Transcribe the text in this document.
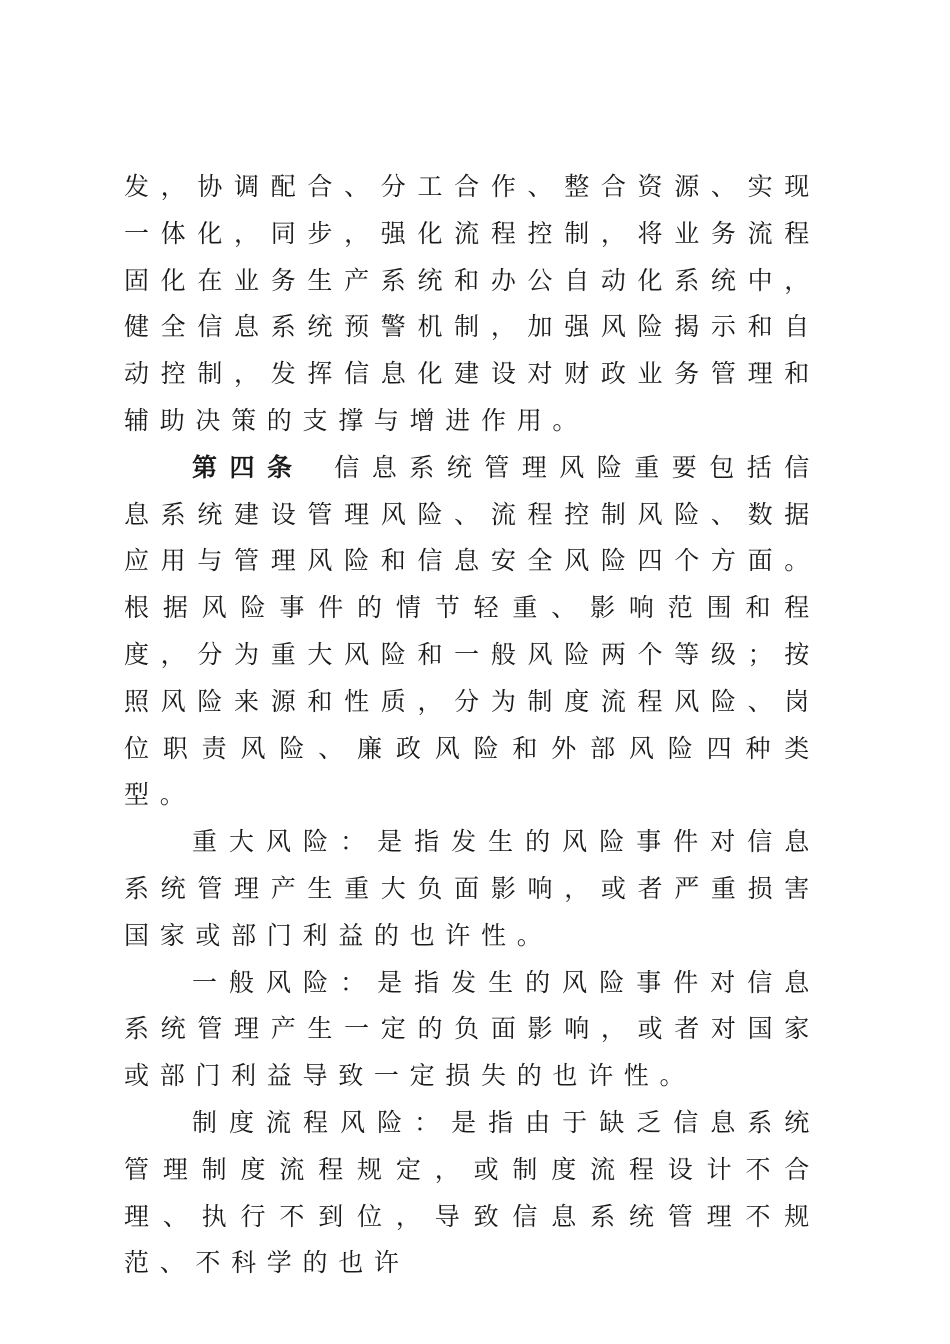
发，协调配合、分工合作、整合资源、实现一体化，同步，强化流程控制，将业务流程固化在业务生产系统和办公自动化系统中，健全信息系统预警机制，加强风险揭示和自动控制，发挥信息化建设对财政业务管理和辅助决策的支撑与增进作用。

第四条 信息系统管理风险重要包括信息系统建设管理风险、流程控制风险、数据应用与管理风险和信息安全风险四个方面。根据风险事件的情节轻重、影响范围和程度，分为重大风险和一般风险两个等级；按照风险来源和性质，分为制度流程风险、岗位职责风险、廉政风险和外部风险四种类型。

重大风险：是指发生的风险事件对信息系统管理产生重大负面影响，或者严重损害国家或部门利益的也许性。

一般风险：是指发生的风险事件对信息系统管理产生一定的负面影响，或者对国家或部门利益导致一定损失的也许性。

制度流程风险：是指由于缺乏信息系统管理制度流程规定，或制度流程设计不合理、执行不到位，导致信息系统管理不规范、不科学的也许
